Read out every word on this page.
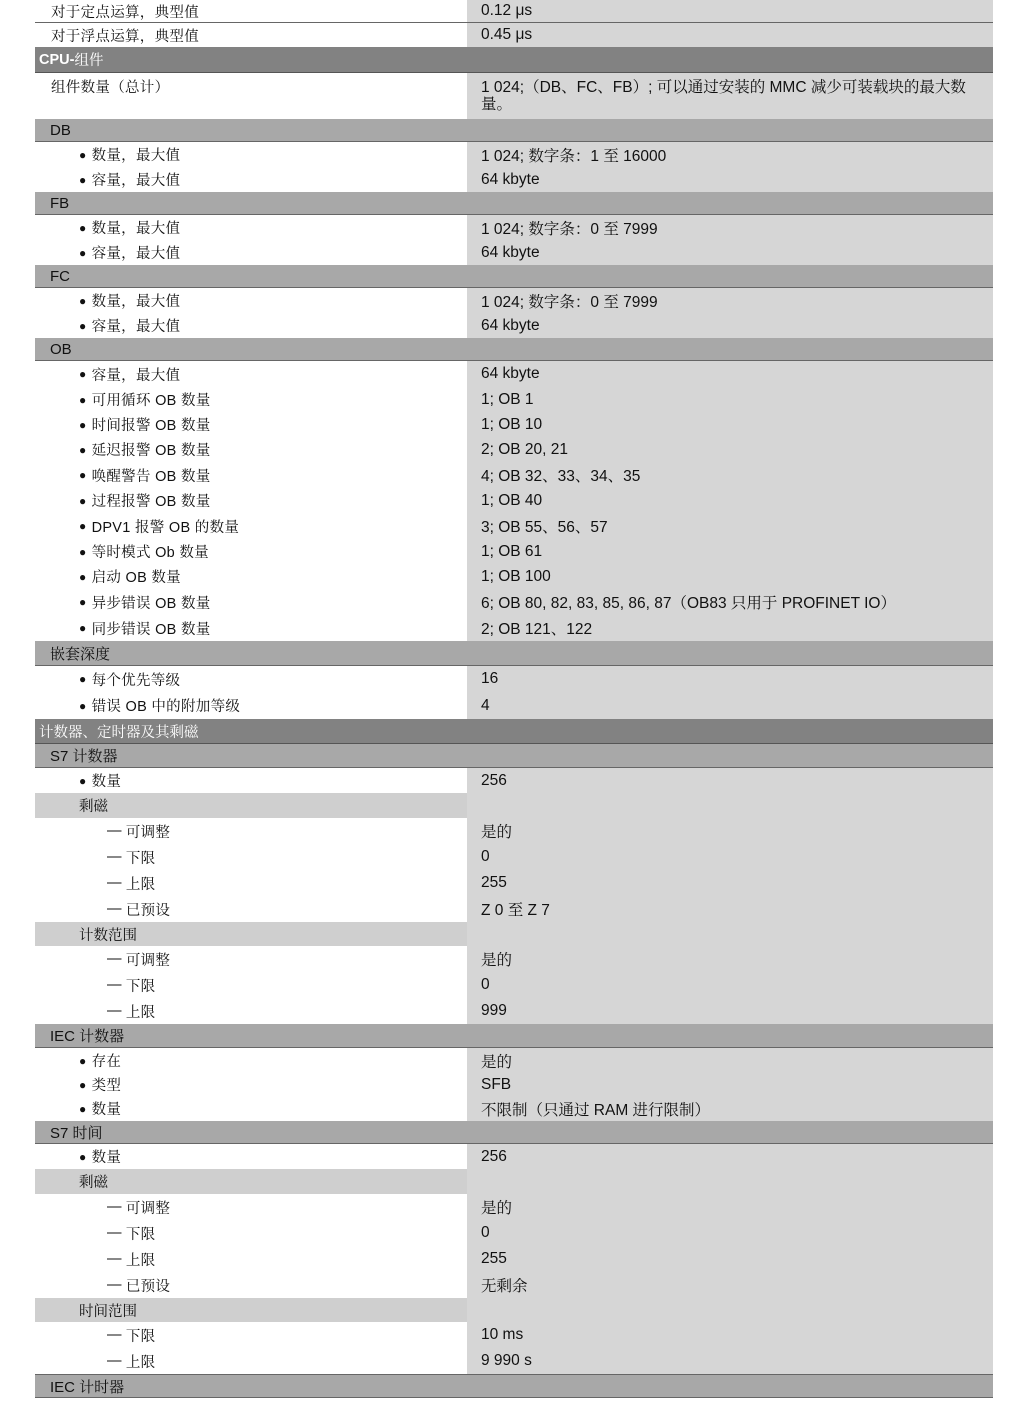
对于定点运算，典型值	0.12 μs
对于浮点运算，典型值	0.45 μs
CPU- 组件
组件数量（总计）	1 024;（DB、FC、FB）; 可以通过安装的 MMC 减少可装载块的最大数量。
DB
● 数量，最大值	1 024; 数字条：1 至 16000
● 容量，最大值	64 kbyte
FB
● 数量，最大值	1 024; 数字条：0 至 7999
● 容量，最大值	64 kbyte
FC
● 数量，最大值	1 024; 数字条：0 至 7999
● 容量，最大值	64 kbyte
OB
● 容量，最大值	64 kbyte
● 可用循环 OB 数量	1; OB 1
● 时间报警 OB 数量	1; OB 10
● 延迟报警 OB 数量	2; OB 20, 21
● 唤醒警告 OB 数量	4; OB 32、33、34、35
● 过程报警 OB 数量	1; OB 40
● DPV1 报警 OB 的数量	3; OB 55、56、57
● 等时模式 Ob 数量	1; OB 61
● 启动 OB 数量	1; OB 100
● 异步错误 OB 数量	6; OB 80, 82, 83, 85, 86, 87（OB83 只用于 PROFINET IO）
● 同步错误 OB 数量	2; OB 121、122
嵌套深度
● 每个优先等级	16
● 错误 OB 中的附加等级	4
计数器、定时器及其剩磁
S7 计数器
● 数量	256
剩磁
— 可调整	是的
— 下限	0
— 上限	255
— 已预设	Z 0 至 Z 7
计数范围
— 可调整	是的
— 下限	0
— 上限	999
IEC 计数器
● 存在	是的
● 类型	SFB
● 数量	不限制（只通过 RAM 进行限制）
S7 时间
● 数量	256
剩磁
— 可调整	是的
— 下限	0
— 上限	255
— 已预设	无剩余
时间范围
— 下限	10 ms
— 上限	9 990 s
IEC 计时器
